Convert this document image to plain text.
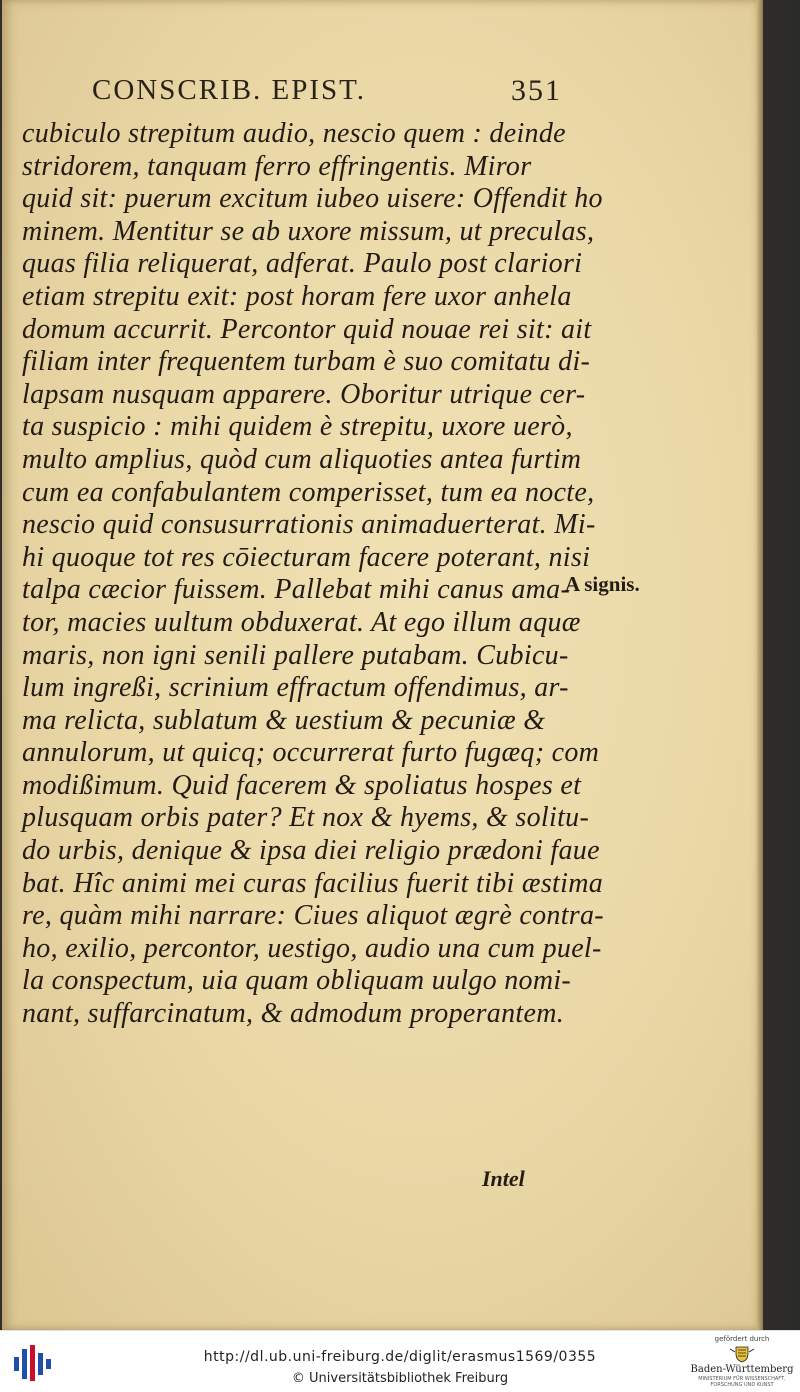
CONSCRIB. EPIST.	351
cubiculo strepitum audio, nescio quem : deinde
stridorem, tanquam ferro effringentis. Miror
quid sit: puerum excitum iubeo uisere: Offendit ho
minem. Mentitur se ab uxore missum, ut preculas,
quas filia reliquerat, adferat. Paulo post clariori
etiam strepitu exit: post horam fere uxor anhela
domum accurrit. Percontor quid nouae rei sit: ait
filiam inter frequentem turbam è suo comitatu di-
lapsam nusquam apparere. Oboritur utrique cer-
ta suspicio : mihi quidem è strepitu, uxore uerò,
multo amplius, quòd cum aliquoties antea furtim
cum ea confabulantem comperisset, tum ea nocte,
nescio quid consusurrationis animaduerterat. Mi-
hi quoque tot res cōiecturam facere poterant, nisi
talpa cæcior fuissem. Pallebat mihi canus ama-
tor, macies uultum obduxerat. At ego illum aquæ
maris, non igni senili pallere putabam. Cubicu-
lum ingreßi, scrinium effractum offendimus, ar-
ma relicta, sublatum & uestium & pecuniæ &
annulorum, ut quicq; occurrerat furto fugæq; com
modißimum. Quid facerem & spoliatus hospes et
plusquam orbis pater? Et nox & hyems, & solitu-
do urbis, denique & ipsa diei religio prædoni faue
bat. Hîc animi mei curas facilius fuerit tibi æstima
re, quàm mihi narrare: Ciues aliquot ægrè contra-
ho, exilio, percontor, uestigo, audio una cum puel-
la conspectum, uia quam obliquam uulgo nomi-
nant, suffarcinatum, & admodum properantem.
Intel
A signis.
http://dl.ub.uni-freiburg.de/diglit/erasmus1569/0355
© Universitätsbibliothek Freiburg
gefördert durch
Baden-Württemberg
MINISTERIUM FÜR WISSENSCHAFT, FORSCHUNG UND KUNST
